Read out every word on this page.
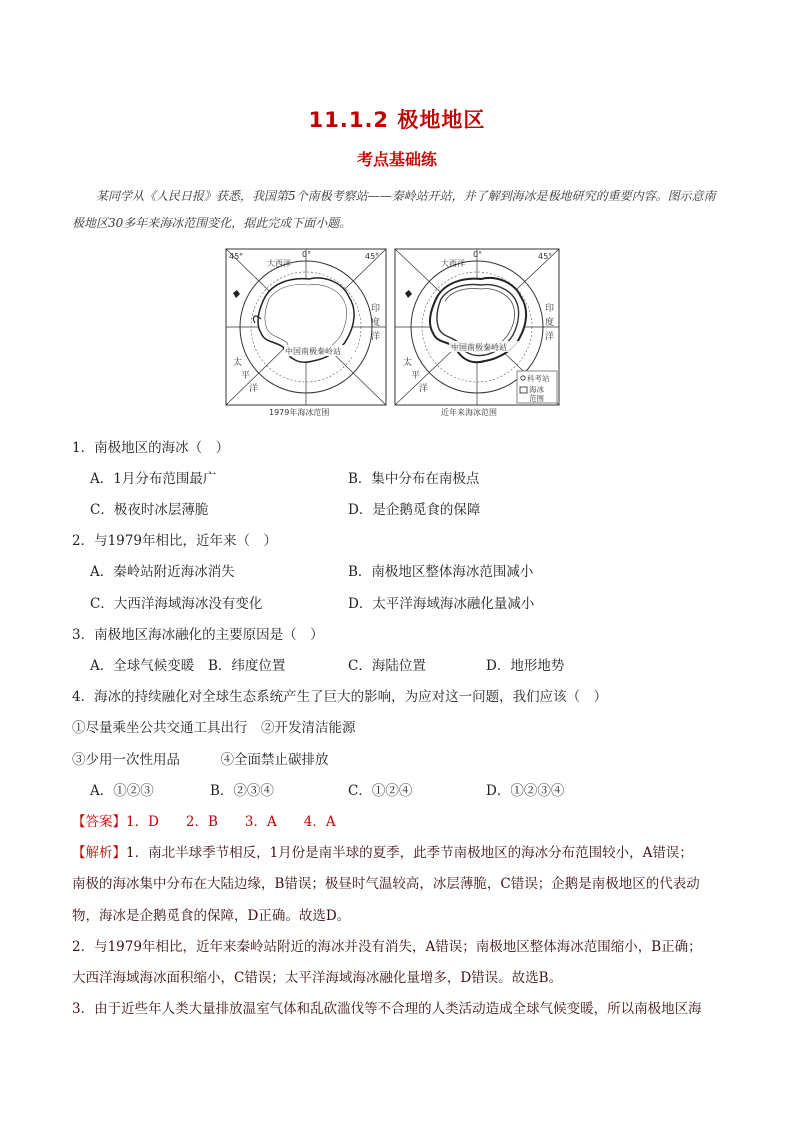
11.1.2 极地地区
考点基础练
某同学从《人民日报》获悉，我国第5个南极考察站——秦岭站开站，并了解到海冰是极地研究的重要内容。图示意南极地区30多年来海冰范围变化，据此完成下面小题。
大西洋
0°
45°	45°
印
度
洋
太
平
洋
中国南极秦岭站
1979年海冰范围
大西洋
0°	45°
印
度
洋
太
平
洋
中国南极秦岭站
科考站
海冰
范围
近年来海冰范围
1．南极地区的海冰（　）
A．1月分布范围最广	B．集中分布在南极点
C．极夜时冰层薄脆	D．是企鹅觅食的保障
2．与1979年相比，近年来（　）
A．秦岭站附近海冰消失	B．南极地区整体海冰范围减小
C．大西洋海域海冰没有变化	D．太平洋海域海冰融化量减小
3．南极地区海冰融化的主要原因是（　）
A．全球气候变暖 B．纬度位置	C．海陆位置	D．地形地势
4．海冰的持续融化对全球生态系统产生了巨大的影响，为应对这一问题，我们应该（　）
①尽量乘坐公共交通工具出行　②开发清洁能源
③少用一次性用品　　　④全面禁止碳排放
A．①②③	B．②③④	C．①②④	D．①②③④
【答案】1．D　　2．B　　3．A　　4．A
【解析】1．南北半球季节相反，1月份是南半球的夏季，此季节南极地区的海冰分布范围较小，A错误；
南极的海冰集中分布在大陆边缘，B错误；极昼时气温较高，冰层薄脆，C错误；企鹅是南极地区的代表动
物，海冰是企鹅觅食的保障，D正确。故选D。
2．与1979年相比，近年来秦岭站附近的海冰并没有消失，A错误；南极地区整体海冰范围缩小，B正确；
大西洋海域海冰面积缩小，C错误；太平洋海域海冰融化量增多，D错误。故选B。
3．由于近些年人类大量排放温室气体和乱砍滥伐等不合理的人类活动造成全球气候变暖，所以南极地区海
